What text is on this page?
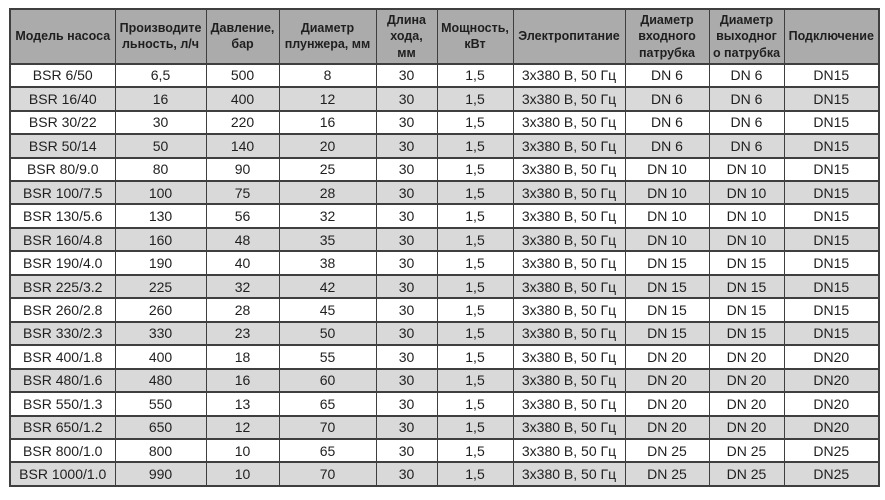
Модель насоса	Производительность, л/ч	Давление, бар	Диаметр плунжера, мм	Длина хода, мм	Мощность, кВт	Электропитание	Диаметр входного патрубка	Диаметр выходного патрубка	Подключение
BSR 6/50	6,5	500	8	30	1,5	3х380 В, 50 Гц	DN 6	DN 6	DN15
BSR 16/40	16	400	12	30	1,5	3х380 В, 50 Гц	DN 6	DN 6	DN15
BSR 30/22	30	220	16	30	1,5	3х380 В, 50 Гц	DN 6	DN 6	DN15
BSR 50/14	50	140	20	30	1,5	3х380 В, 50 Гц	DN 6	DN 6	DN15
BSR 80/9.0	80	90	25	30	1,5	3х380 В, 50 Гц	DN 10	DN 10	DN15
BSR 100/7.5	100	75	28	30	1,5	3х380 В, 50 Гц	DN 10	DN 10	DN15
BSR 130/5.6	130	56	32	30	1,5	3х380 В, 50 Гц	DN 10	DN 10	DN15
BSR 160/4.8	160	48	35	30	1,5	3х380 В, 50 Гц	DN 10	DN 10	DN15
BSR 190/4.0	190	40	38	30	1,5	3х380 В, 50 Гц	DN 15	DN 15	DN15
BSR 225/3.2	225	32	42	30	1,5	3х380 В, 50 Гц	DN 15	DN 15	DN15
BSR 260/2.8	260	28	45	30	1,5	3х380 В, 50 Гц	DN 15	DN 15	DN15
BSR 330/2.3	330	23	50	30	1,5	3х380 В, 50 Гц	DN 15	DN 15	DN15
BSR 400/1.8	400	18	55	30	1,5	3х380 В, 50 Гц	DN 20	DN 20	DN20
BSR 480/1.6	480	16	60	30	1,5	3х380 В, 50 Гц	DN 20	DN 20	DN20
BSR 550/1.3	550	13	65	30	1,5	3х380 В, 50 Гц	DN 20	DN 20	DN20
BSR 650/1.2	650	12	70	30	1,5	3х380 В, 50 Гц	DN 20	DN 20	DN20
BSR 800/1.0	800	10	65	30	1,5	3х380 В, 50 Гц	DN 25	DN 25	DN25
BSR 1000/1.0	990	10	70	30	1,5	3х380 В, 50 Гц	DN 25	DN 25	DN25
